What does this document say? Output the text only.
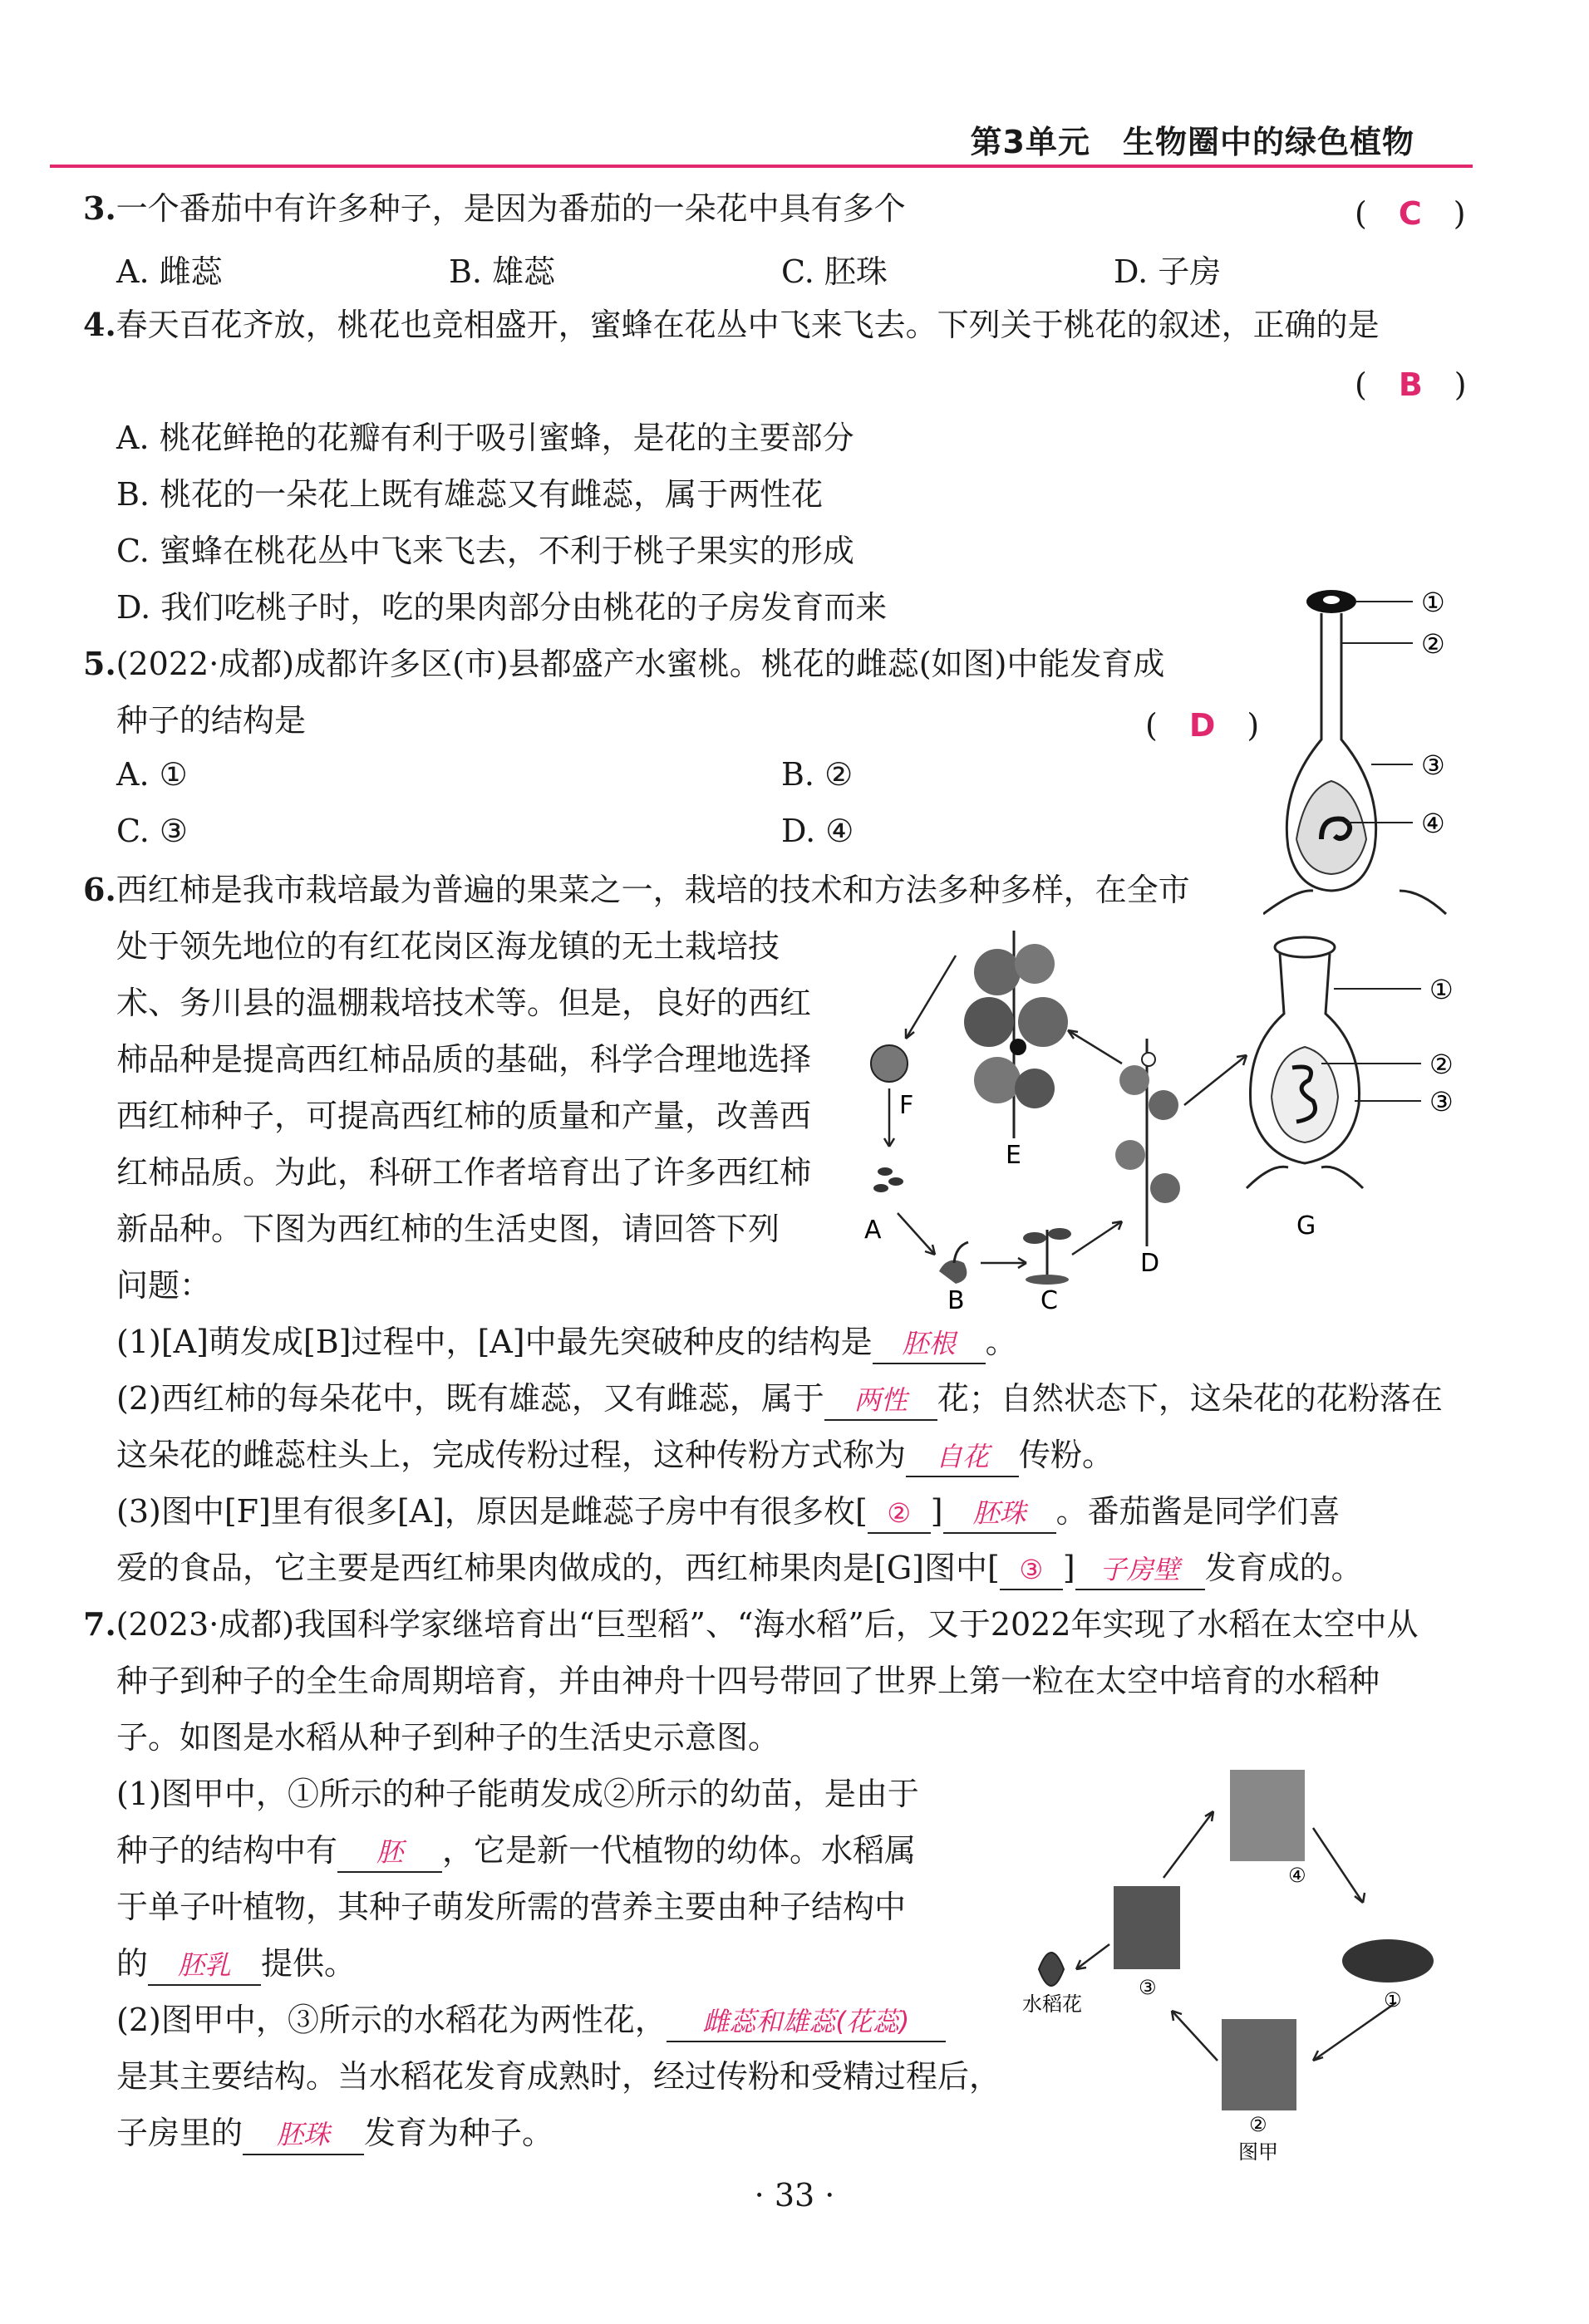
第3单元　生物圈中的绿色植物
3.一个番茄中有许多种子，是因为番茄的一朵花中具有多个	(　C　)
A. 雌蕊	B. 雄蕊	C. 胚珠	D. 子房
4.春天百花齐放，桃花也竞相盛开，蜜蜂在花丛中飞来飞去。下列关于桃花的叙述，正确的是
(　B　)
A. 桃花鲜艳的花瓣有利于吸引蜜蜂，是花的主要部分
B. 桃花的一朵花上既有雄蕊又有雌蕊，属于两性花
C. 蜜蜂在桃花丛中飞来飞去，不利于桃子果实的形成
D. 我们吃桃子时，吃的果肉部分由桃花的子房发育而来
5.(2022·成都)成都许多区(市)县都盛产水蜜桃。桃花的雌蕊(如图)中能发育成
种子的结构是	(　D　)
A. ①	B. ②
C. ③	D. ④
①
②
③
④
6.西红柿是我市栽培最为普遍的果菜之一，栽培的技术和方法多种多样，在全市
处于领先地位的有红花岗区海龙镇的无土栽培技
术、务川县的温棚栽培技术等。但是，良好的西红
柿品种是提高西红柿品质的基础，科学合理地选择
西红柿种子，可提高西红柿的质量和产量，改善西
红柿品质。为此，科研工作者培育出了许多西红柿
新品种。下图为西红柿的生活史图，请回答下列
问题：
E
F
A
B	C
D
①
②
③
G
(1)[A]萌发成[B]过程中，[A]中最先突破种皮的结构是 胚根 。
(2)西红柿的每朵花中，既有雄蕊，又有雌蕊，属于 两性 花；自然状态下，这朵花的花粉落在
这朵花的雌蕊柱头上，完成传粉过程，这种传粉方式称为 自花 传粉。
(3)图中[F]里有很多[A]，原因是雌蕊子房中有很多枚[ ② ] 胚珠 。番茄酱是同学们喜
爱的食品，它主要是西红柿果肉做成的，西红柿果肉是[G]图中[ ③ ] 子房壁 发育成的。
7.(2023·成都)我国科学家继培育出“巨型稻”、“海水稻”后，又于2022年实现了水稻在太空中从
种子到种子的全生命周期培育，并由神舟十四号带回了世界上第一粒在太空中培育的水稻种
子。如图是水稻从种子到种子的生活史示意图。
(1)图甲中，①所示的种子能萌发成②所示的幼苗，是由于
种子的结构中有 胚 ，它是新一代植物的幼体。水稻属
于单子叶植物，其种子萌发所需的营养主要由种子结构中
的 胚乳 提供。
(2)图甲中，③所示的水稻花为两性花， 雌蕊和雄蕊(花蕊)
是其主要结构。当水稻花发育成熟时，经过传粉和受精过程后，
子房里的 胚珠 发育为种子。
④
③
①
②
水稻花
图甲
· 33 ·
